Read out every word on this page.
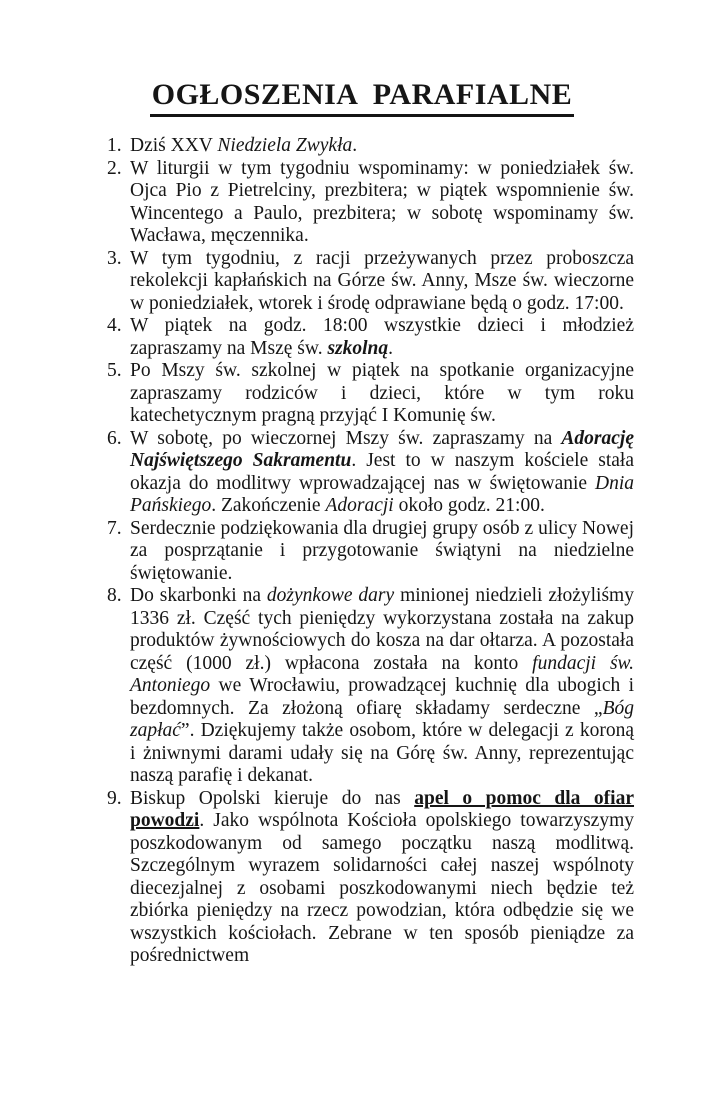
OGŁOSZENIA  PARAFIALNE
1. Dziś XXV Niedziela Zwykła.
2. W liturgii w tym tygodniu wspominamy: w poniedziałek św. Ojca Pio z Pietrelciny, prezbitera; w piątek wspomnienie św. Wincentego a Paulo, prezbitera; w sobotę wspominamy św. Wacława, męczennika.
3. W tym tygodniu, z racji przeżywanych przez proboszcza rekolekcji kapłańskich na Górze św. Anny, Msze św. wieczorne w poniedziałek, wtorek i środę odprawiane będą o godz. 17:00.
4. W piątek na godz. 18:00 wszystkie dzieci i młodzież zapraszamy na Mszę św. szkolną.
5. Po Mszy św. szkolnej w piątek na spotkanie organizacyjne zapraszamy rodziców i dzieci, które w tym roku katechetycznym pragną przyjąć I Komunię św.
6. W sobotę, po wieczornej Mszy św. zapraszamy na Adorację Najświętszego Sakramentu. Jest to w naszym kościele stała okazja do modlitwy wprowadzającej nas w świętowanie Dnia Pańskiego. Zakończenie Adoracji około godz. 21:00.
7. Serdecznie podziękowania dla drugiej grupy osób z ulicy Nowej za posprzątanie i przygotowanie świątyni na niedzielne świętowanie.
8. Do skarbonki na dożynkowe dary minionej niedzieli złożyliśmy 1336 zł. Część tych pieniędzy wykorzystana została na zakup produktów żywnościowych do kosza na dar ołtarza. A pozostała część (1000 zł.) wpłacona została na konto fundacji św. Antoniego we Wrocławiu, prowadzącej kuchnię dla ubogich i bezdomnych. Za złożoną ofiarę składamy serdeczne „Bóg zapłać”. Dziękujemy także osobom, które w delegacji z koroną i żniwnymi darami udały się na Górę św. Anny, reprezentując naszą parafię i dekanat.
9. Biskup Opolski kieruje do nas apel o pomoc dla ofiar powodzi. Jako wspólnota Kościoła opolskiego towarzyszymy poszkodowanym od samego początku naszą modlitwą. Szczególnym wyrazem solidarności całej naszej wspólnoty diecezjalnej z osobami poszkodowanymi niech będzie też zbiórka pieniędzy na rzecz powodzian, która odbędzie się we wszystkich kościołach. Zebrane w ten sposób pieniądze za pośrednictwem
